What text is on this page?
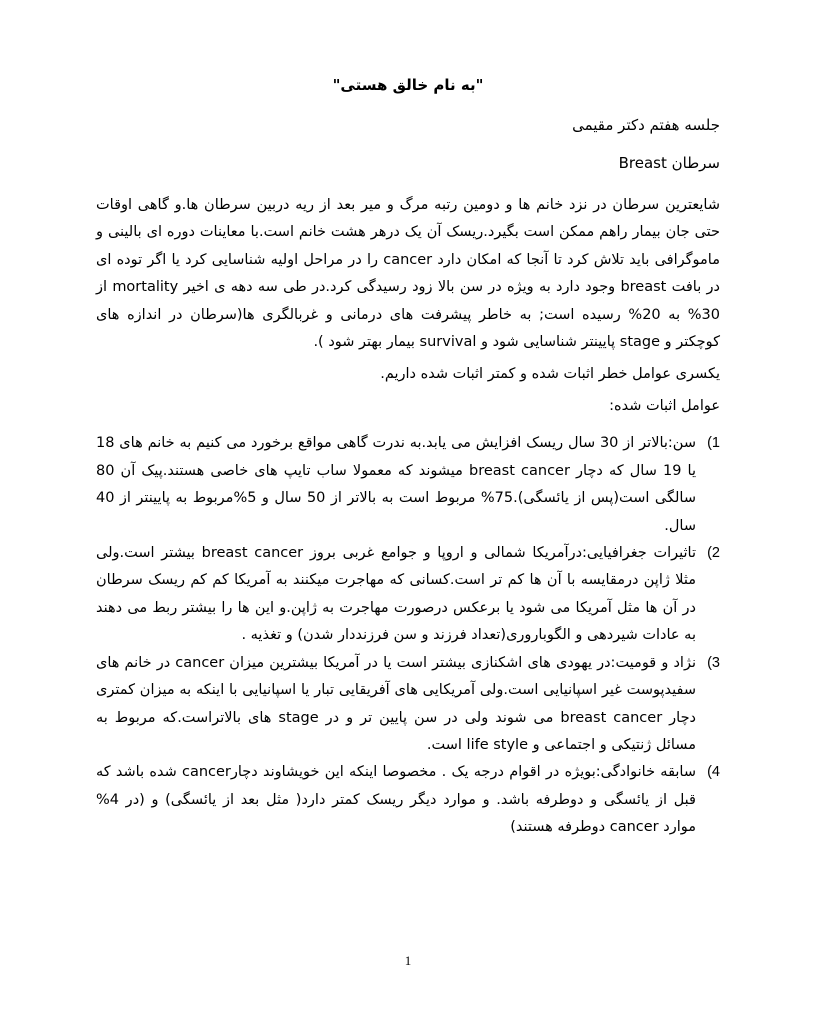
"به نام خالق هستی"
جلسه هفتم دکتر مقیمی
سرطان Breast

شایعترین سرطان در نزد خانم ها و دومین رتبه مرگ و میر بعد از ریه دربین سرطان ها.و گاهی اوقات حتی جان بیمار راهم ممکن است بگیرد.ریسک آن یک درهر هشت خانم است.با معاینات دوره ای بالینی و ماموگرافی باید تلاش کرد تا آنجا که امکان دارد cancer را در مراحل اولیه شناسایی کرد یا اگر توده ای در بافت breast وجود دارد به ویژه در سن بالا زود رسیدگی کرد.در طی سه دهه ی اخیر mortality از 30% به 20% رسیده است; به خاطر پیشرفت های درمانی و غربالگری ها(سرطان در اندازه های کوچکتر و stage پایینتر شناسایی شود و survival بیمار بهتر شود ).

یکسری عوامل خطر اثبات شده و کمتر اثبات شده داریم.
عوامل اثبات شده:
1)
سن:بالاتر از 30 سال ریسک افزایش می یابد.به ندرت گاهی مواقع برخورد می کنیم به خانم های 18 یا 19 سال که دچار breast cancer میشوند که معمولا ساب تایپ های خاصی هستند.پیک آن 80 سالگی است(پس از یائسگی).75% مربوط است به بالاتر از 50 سال و 5%مربوط به پایینتر از 40 سال.
2)
تاثیرات جغرافیایی:درآمریکا شمالی و اروپا و جوامع غربی بروز breast cancer بیشتر است.ولی مثلا ژاپن درمقایسه با آن ها کم تر است.کسانی که مهاجرت میکنند به آمریکا کم کم ریسک سرطان در آن ها مثل آمریکا می شود یا برعکس درصورت مهاجرت به ژاپن.و این ها را بیشتر ربط می دهند به عادات شیردهی و الگوباروری(تعداد فرزند و سن فرزنددار شدن) و تغذیه .
3)
نژاد و قومیت:در یهودی های اشکنازی بیشتر است یا در آمریکا بیشترین میزان cancer در خانم های سفیدپوست غیر اسپانیایی است.ولی آمریکایی های آفریقایی تبار یا اسپانیایی با اینکه به میزان کمتری دچار breast cancer می شوند ولی در سن پایین تر و در stage های بالاتراست.که مربوط به مسائل ژنتیکی و اجتماعی و life style است.
4)
سابقه خانوادگی:بویژه در اقوام درجه یک . مخصوصا اینکه این خویشاوند دچارcancer شده باشد که قبل از یائسگی و دوطرفه باشد. و موارد دیگر ریسک کمتر دارد( مثل بعد از یائسگی) و (در 4% موارد cancer دوطرفه هستند)
1
